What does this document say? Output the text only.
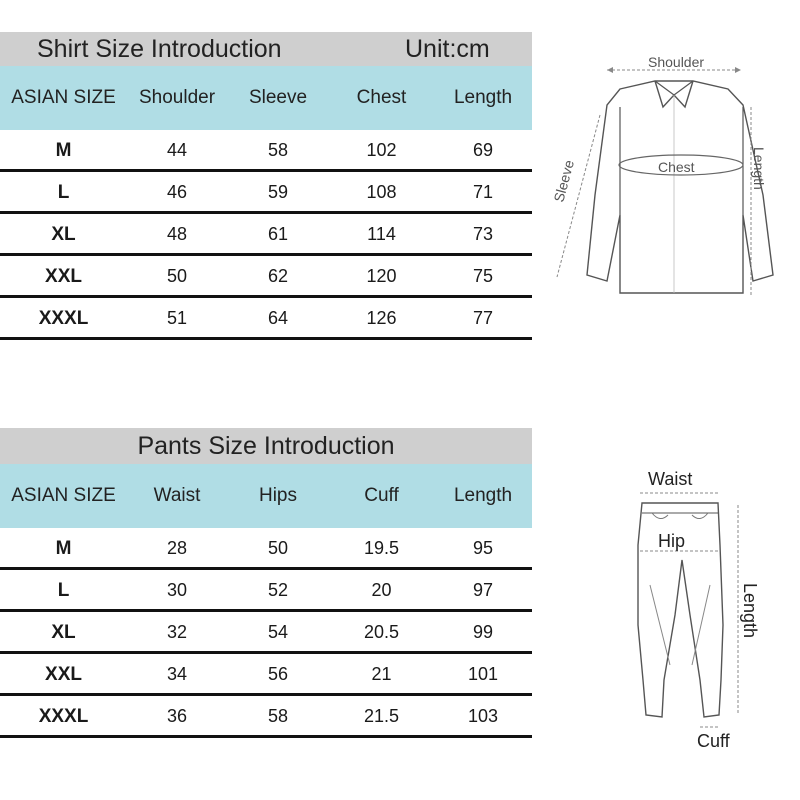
Shirt Size Introduction	Unit:cm
ASIAN SIZE	Shoulder	Sleeve	Chest	Length
M	44	58	102	69
L	46	59	108	71
XL	48	61	114	73
XXL	50	62	120	75
XXXL	51	64	126	77
Shoulder
Chest
Sleeve	Length
Pants Size Introduction
ASIAN SIZE	Waist	Hips	Cuff	Length
M	28	50	19.5	95
L	30	52	20	97
XL	32	54	20.5	99
XXL	34	56	21	101
XXXL	36	58	21.5	103
Waist
Hip
Length
Cuff
